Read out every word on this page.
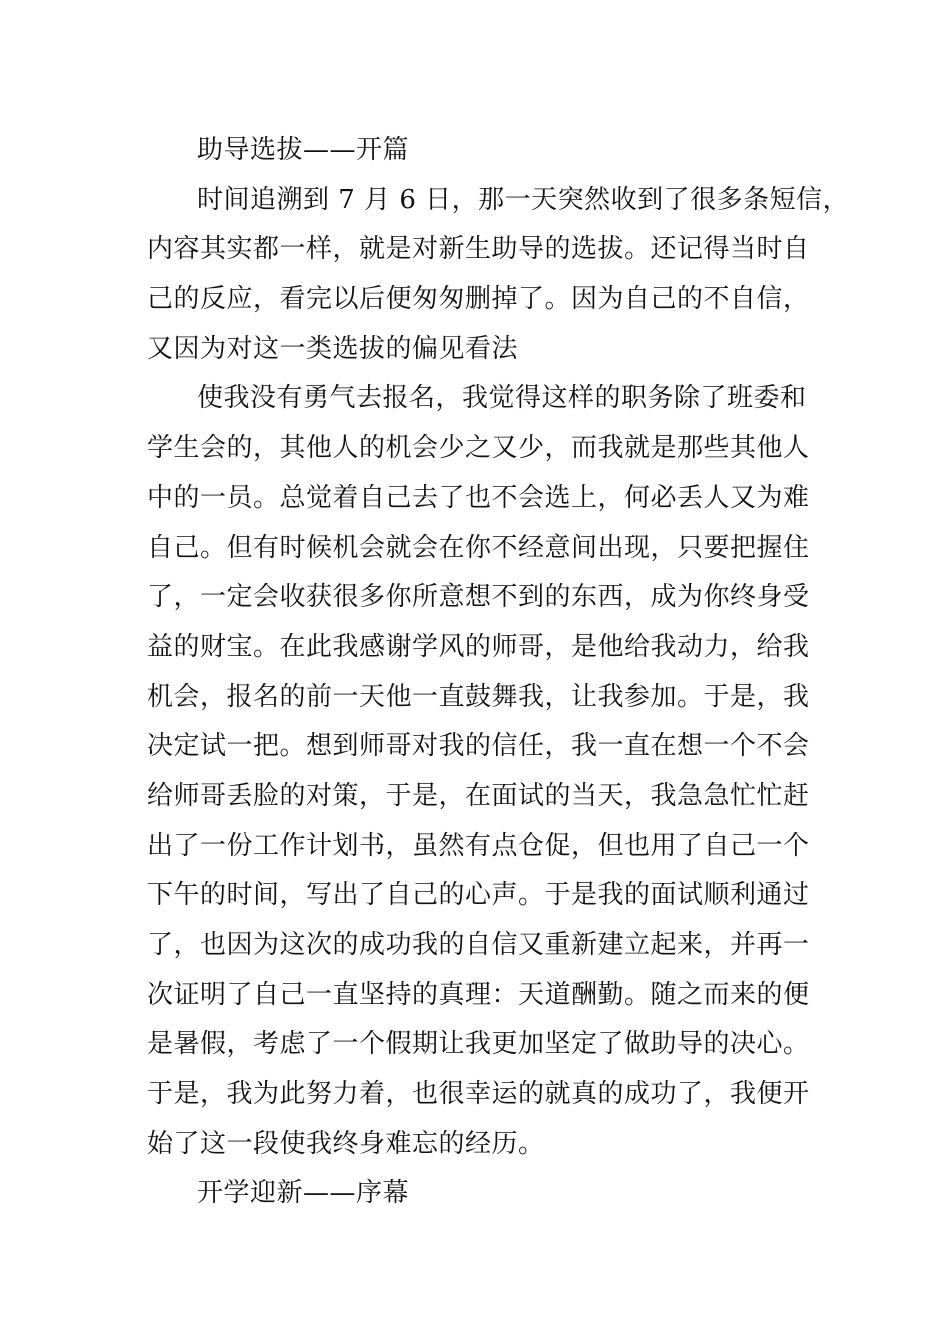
助导选拔——开篇
时间追溯到 7 月 6 日，那一天突然收到了很多条短信，
内容其实都一样，就是对新生助导的选拔。还记得当时自
己的反应，看完以后便匆匆删掉了。因为自己的不自信，
又因为对这一类选拔的偏见看法
使我没有勇气去报名，我觉得这样的职务除了班委和
学生会的，其他人的机会少之又少，而我就是那些其他人
中的一员。总觉着自己去了也不会选上，何必丢人又为难
自己。但有时候机会就会在你不经意间出现，只要把握住
了，一定会收获很多你所意想不到的东西，成为你终身受
益的财宝。在此我感谢学风的师哥，是他给我动力，给我
机会，报名的前一天他一直鼓舞我，让我参加。于是，我
决定试一把。想到师哥对我的信任，我一直在想一个不会
给师哥丢脸的对策，于是，在面试的当天，我急急忙忙赶
出了一份工作计划书，虽然有点仓促，但也用了自己一个
下午的时间，写出了自己的心声。于是我的面试顺利通过
了，也因为这次的成功我的自信又重新建立起来，并再一
次证明了自己一直坚持的真理：天道酬勤。随之而来的便
是暑假，考虑了一个假期让我更加坚定了做助导的决心。
于是，我为此努力着，也很幸运的就真的成功了，我便开
始了这一段使我终身难忘的经历。
开学迎新——序幕
